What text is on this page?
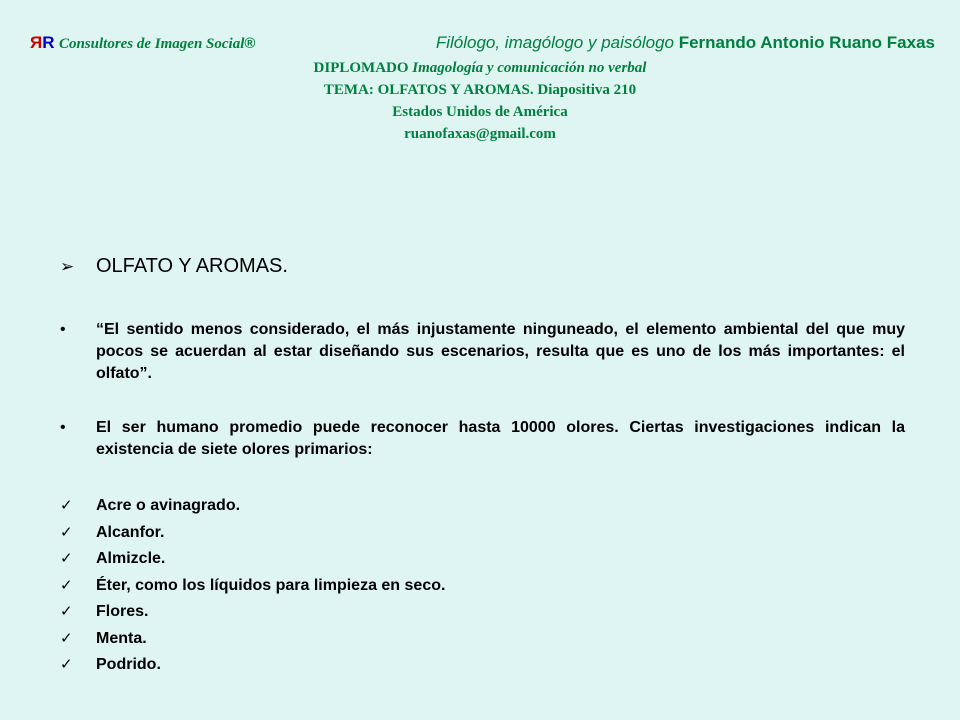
ЯR Consultores de Imagen Social®	Filólogo, imagólogo y paisólogo Fernando Antonio Ruano Faxas
DIPLOMADO Imagología y comunicación no verbal
TEMA: OLFATOS Y AROMAS. Diapositiva 210
Estados Unidos de América
ruanofaxas@gmail.com
➢ OLFATO Y AROMAS.
• “El sentido menos considerado, el más injustamente ninguneado, el elemento ambiental del que muy pocos se acuerdan al estar diseñando sus escenarios, resulta que es uno de los más importantes: el olfato”.
• El ser humano promedio puede reconocer hasta 10000 olores. Ciertas investigaciones indican la existencia de siete olores primarios:
✓ Acre o avinagrado.
✓ Alcanfor.
✓ Almizcle.
✓ Éter, como los líquidos para limpieza en seco.
✓ Flores.
✓ Menta.
✓ Podrido.
